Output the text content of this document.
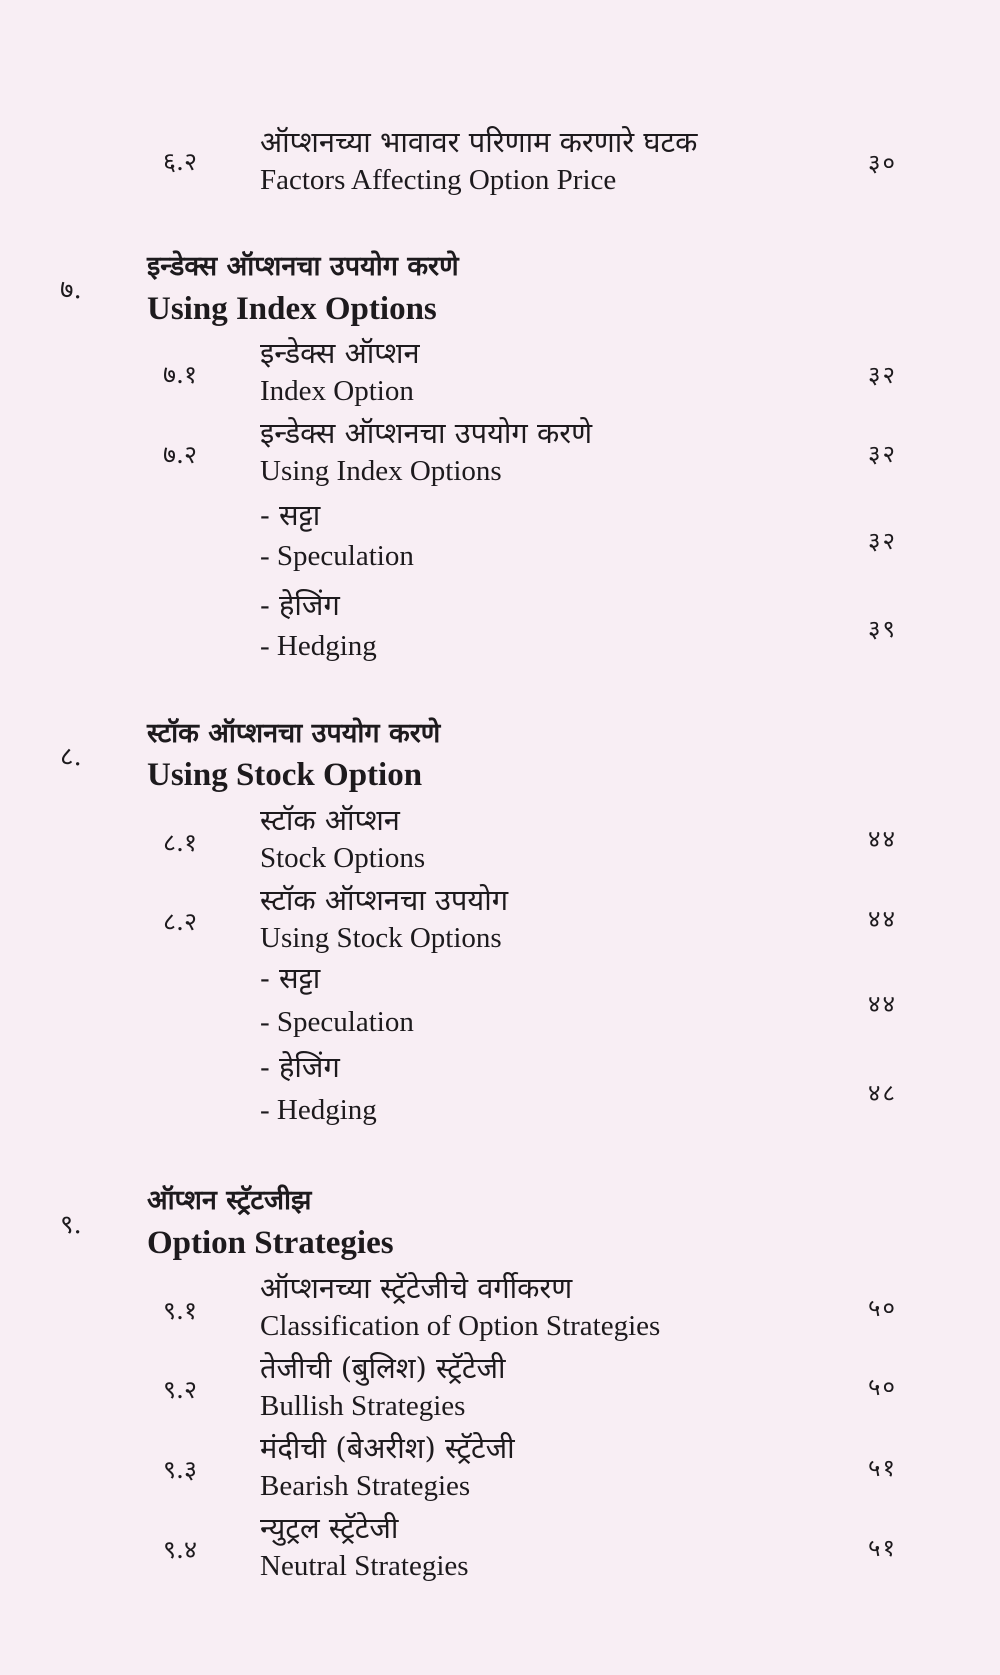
६.२
ऑप्शनच्या भावावर परिणाम करणारे घटक
Factors Affecting Option Price
३०
७.
इन्डेक्स ऑप्शनचा उपयोग करणे
Using Index Options
७.१
इन्डेक्स ऑप्शन
Index Option	३२
७.२
इन्डेक्स ऑप्शनचा उपयोग करणे
Using Index Options
३२
- सट्टा
- Speculation	३२
- हेजिंग
- Hedging
३९
८.
स्टॉक ऑप्शनचा उपयोग करणे
Using Stock Option
८.१
स्टॉक ऑप्शन
Stock Options
४४
८.२
स्टॉक ऑप्शनचा उपयोग
Using Stock Options
४४
- सट्टा
- Speculation
४४
- हेजिंग
- Hedging
४८
९.
ऑप्शन स्ट्रॅटजीझ
Option Strategies
९.१
ऑप्शनच्या स्ट्रॅटेजीचे वर्गीकरण
Classification of Option Strategies
५०
९.२
तेजीची (बुलिश) स्ट्रॅटेजी
Bullish Strategies
५०
९.३
मंदीची (बेअरीश) स्ट्रॅटेजी
Bearish Strategies
५१
९.४
न्युट्रल स्ट्रॅटेजी
Neutral Strategies
५१
